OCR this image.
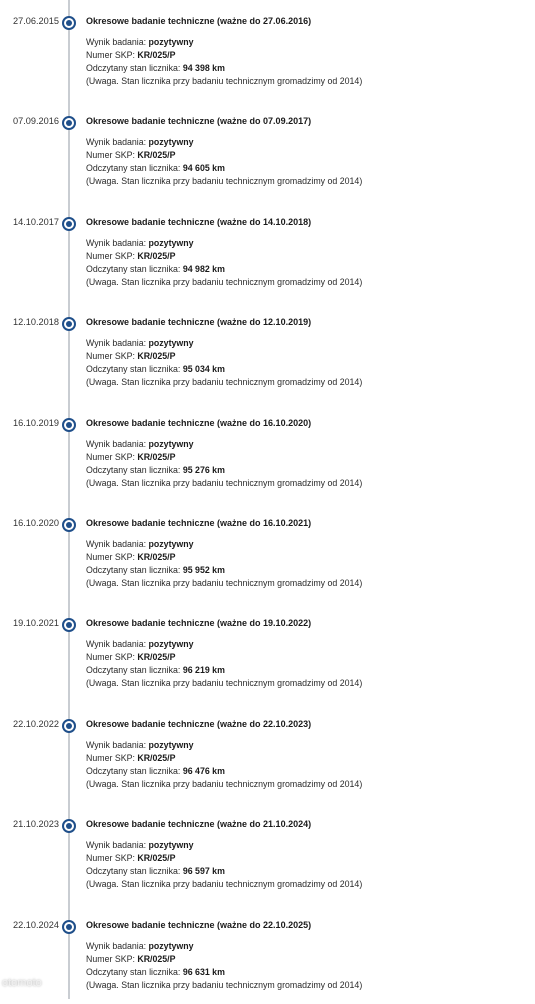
27.06.2015	Okresowe badanie techniczne (ważne do 27.06.2016)
Wynik badania: pozytywny
Numer SKP: KR/025/P
Odczytany stan licznika: 94 398 km
(Uwaga. Stan licznika przy badaniu technicznym gromadzimy od 2014)
07.09.2016	Okresowe badanie techniczne (ważne do 07.09.2017)
Wynik badania: pozytywny
Numer SKP: KR/025/P
Odczytany stan licznika: 94 605 km
(Uwaga. Stan licznika przy badaniu technicznym gromadzimy od 2014)
14.10.2017	Okresowe badanie techniczne (ważne do 14.10.2018)
Wynik badania: pozytywny
Numer SKP: KR/025/P
Odczytany stan licznika: 94 982 km
(Uwaga. Stan licznika przy badaniu technicznym gromadzimy od 2014)
12.10.2018	Okresowe badanie techniczne (ważne do 12.10.2019)
Wynik badania: pozytywny
Numer SKP: KR/025/P
Odczytany stan licznika: 95 034 km
(Uwaga. Stan licznika przy badaniu technicznym gromadzimy od 2014)
16.10.2019	Okresowe badanie techniczne (ważne do 16.10.2020)
Wynik badania: pozytywny
Numer SKP: KR/025/P
Odczytany stan licznika: 95 276 km
(Uwaga. Stan licznika przy badaniu technicznym gromadzimy od 2014)
16.10.2020	Okresowe badanie techniczne (ważne do 16.10.2021)
Wynik badania: pozytywny
Numer SKP: KR/025/P
Odczytany stan licznika: 95 952 km
(Uwaga. Stan licznika przy badaniu technicznym gromadzimy od 2014)
19.10.2021	Okresowe badanie techniczne (ważne do 19.10.2022)
Wynik badania: pozytywny
Numer SKP: KR/025/P
Odczytany stan licznika: 96 219 km
(Uwaga. Stan licznika przy badaniu technicznym gromadzimy od 2014)
22.10.2022	Okresowe badanie techniczne (ważne do 22.10.2023)
Wynik badania: pozytywny
Numer SKP: KR/025/P
Odczytany stan licznika: 96 476 km
(Uwaga. Stan licznika przy badaniu technicznym gromadzimy od 2014)
21.10.2023	Okresowe badanie techniczne (ważne do 21.10.2024)
Wynik badania: pozytywny
Numer SKP: KR/025/P
Odczytany stan licznika: 96 597 km
(Uwaga. Stan licznika przy badaniu technicznym gromadzimy od 2014)
22.10.2024	Okresowe badanie techniczne (ważne do 22.10.2025)
Wynik badania: pozytywny
Numer SKP: KR/025/P
Odczytany stan licznika: 96 631 km
(Uwaga. Stan licznika przy badaniu technicznym gromadzimy od 2014)
otomoto
